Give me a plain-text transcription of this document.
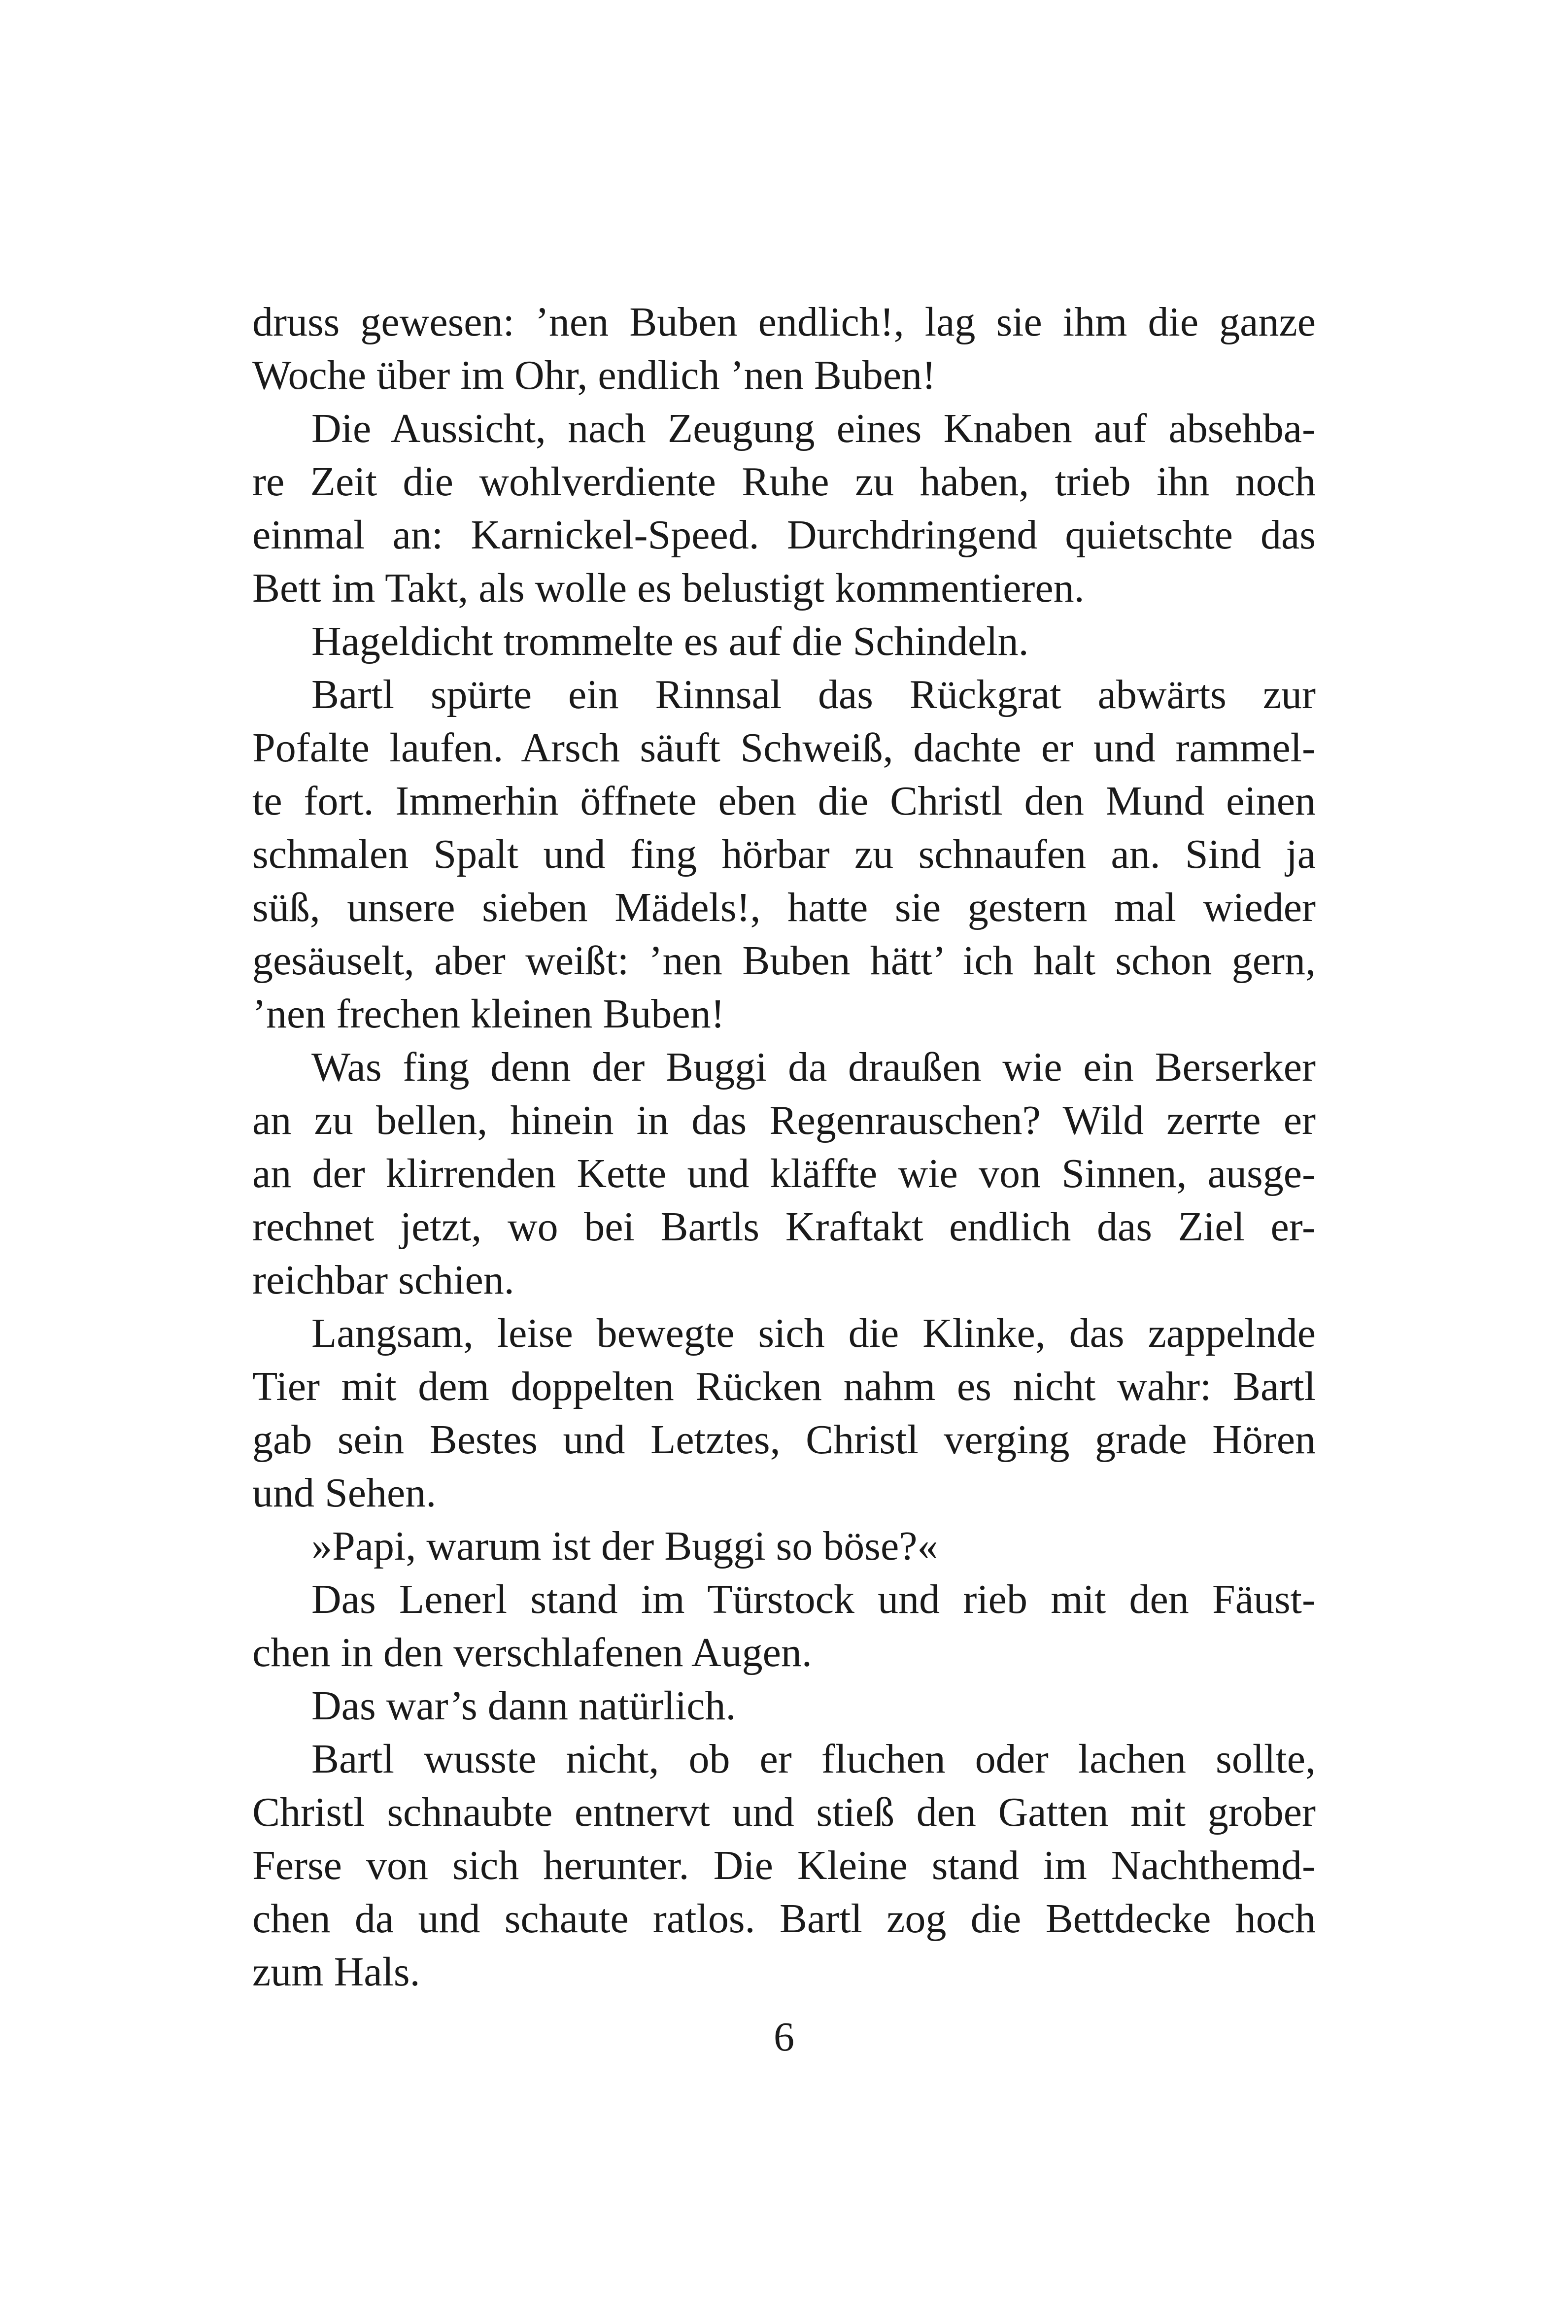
druss gewesen: ’nen Buben endlich!, lag sie ihm die ganze
Woche über im Ohr, endlich ’nen Buben!
Die Aussicht, nach Zeugung eines Knaben auf absehba-
re Zeit die wohlverdiente Ruhe zu haben, trieb ihn noch
einmal an: Karnickel-Speed. Durchdringend quietschte das
Bett im Takt, als wolle es belustigt kommentieren.
Hageldicht trommelte es auf die Schindeln.
Bartl spürte ein Rinnsal das Rückgrat abwärts zur
Pofalte laufen. Arsch säuft Schweiß, dachte er und rammel-
te fort. Immerhin öffnete eben die Christl den Mund einen
schmalen Spalt und fing hörbar zu schnaufen an. Sind ja
süß, unsere sieben Mädels!, hatte sie gestern mal wieder
gesäuselt, aber weißt: ’nen Buben hätt’ ich halt schon gern,
’nen frechen kleinen Buben!
Was fing denn der Buggi da draußen wie ein Berserker
an zu bellen, hinein in das Regenrauschen? Wild zerrte er
an der klirrenden Kette und kläffte wie von Sinnen, ausge-
rechnet jetzt, wo bei Bartls Kraftakt endlich das Ziel er-
reichbar schien.
Langsam, leise bewegte sich die Klinke, das zappelnde
Tier mit dem doppelten Rücken nahm es nicht wahr: Bartl
gab sein Bestes und Letztes, Christl verging grade Hören
und Sehen.
»Papi, warum ist der Buggi so böse?«
Das Lenerl stand im Türstock und rieb mit den Fäust-
chen in den verschlafenen Augen.
Das war’s dann natürlich.
Bartl wusste nicht, ob er fluchen oder lachen sollte,
Christl schnaubte entnervt und stieß den Gatten mit grober
Ferse von sich herunter. Die Kleine stand im Nachthemd-
chen da und schaute ratlos. Bartl zog die Bettdecke hoch
zum Hals.
6
